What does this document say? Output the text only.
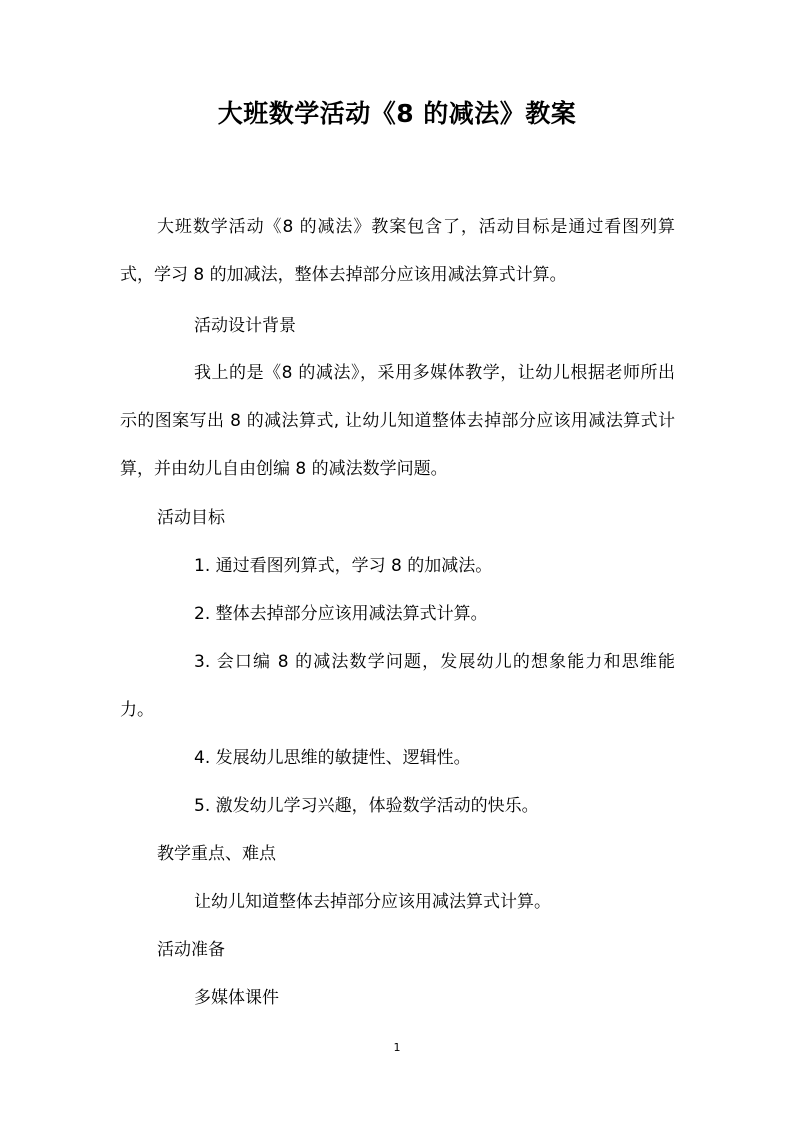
大班数学活动《8 的减法》教案

大班数学活动《8 的减法》教案包含了，活动目标是通过看图列算式，学习 8 的加减法，整体去掉部分应该用减法算式计算。

活动设计背景

我上的是《8 的减法》，采用多媒体教学，让幼儿根据老师所出示的图案写出 8 的减法算式, 让幼儿知道整体去掉部分应该用减法算式计算，并由幼儿自由创编 8 的减法数学问题。

活动目标

1. 通过看图列算式，学习 8 的加减法。

2. 整体去掉部分应该用减法算式计算。

3. 会口编 8 的减法数学问题，发展幼儿的想象能力和思维能力。

4. 发展幼儿思维的敏捷性、逻辑性。

5. 激发幼儿学习兴趣，体验数学活动的快乐。

教学重点、难点

让幼儿知道整体去掉部分应该用减法算式计算。

活动准备

多媒体课件

1
